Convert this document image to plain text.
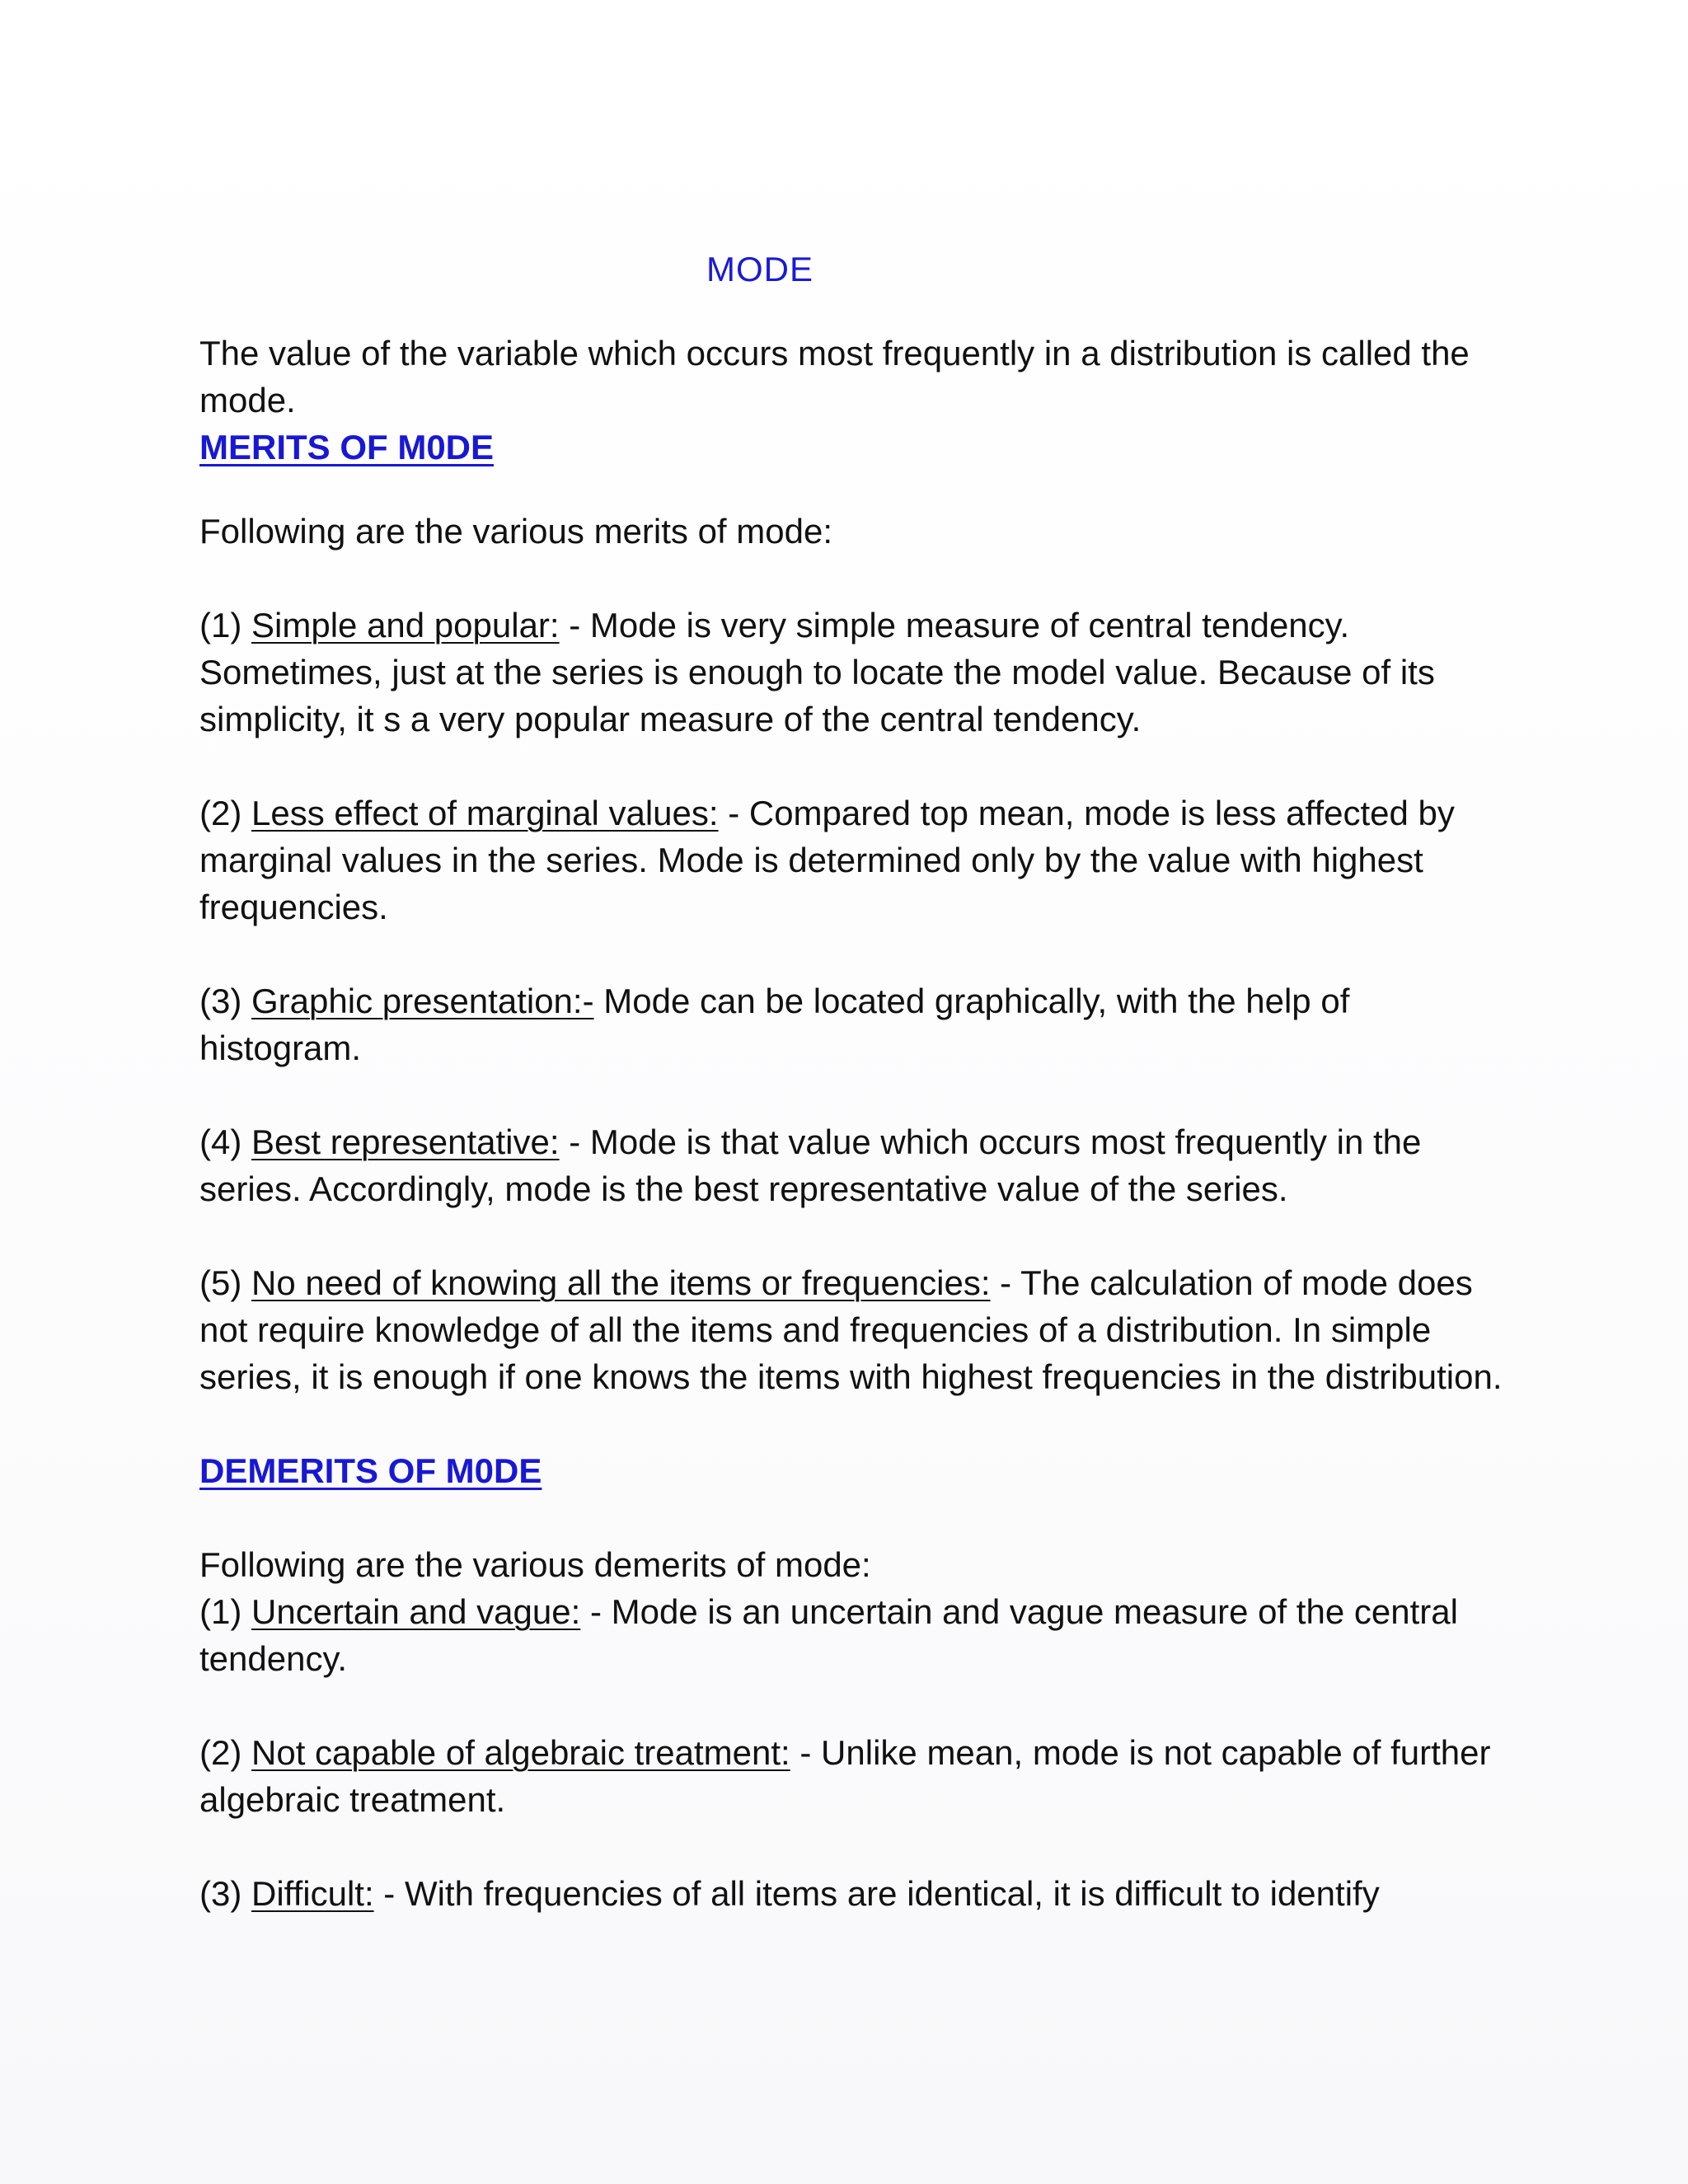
MODE

The value of the variable which occurs most frequently in a distribution is called the mode.

MERITS OF M0DE

Following are the various merits of mode:

(1) Simple and popular: - Mode is very simple measure of central tendency. Sometimes, just at the series is enough to locate the model value. Because of its simplicity, it s a very popular measure of the central tendency.

(2) Less effect of marginal values: - Compared top mean, mode is less affected by marginal values in the series. Mode is determined only by the value with highest frequencies.

(3) Graphic presentation:- Mode can be located graphically, with the help of histogram.

(4) Best representative: - Mode is that value which occurs most frequently in the series. Accordingly, mode is the best representative value of the series.

(5) No need of knowing all the items or frequencies: - The calculation of mode does not require knowledge of all the items and frequencies of a distribution. In simple series, it is enough if one knows the items with highest frequencies in the distribution.

DEMERITS OF M0DE

Following are the various demerits of mode:

(1) Uncertain and vague: - Mode is an uncertain and vague measure of the central tendency.

(2) Not capable of algebraic treatment: - Unlike mean, mode is not capable of further algebraic treatment.

(3) Difficult: - With frequencies of all items are identical, it is difficult to identify
